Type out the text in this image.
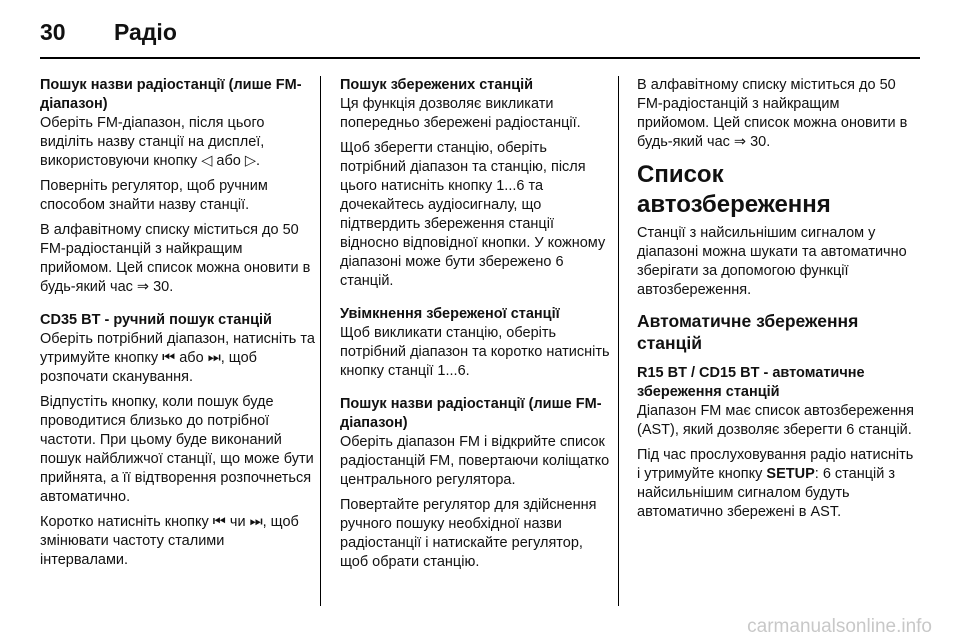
30	Радіо
Пошук назви радіостанції (лише FM-діапазон)

Оберіть FM-діапазон, після цього виділіть назву станції на дисплеї, використовуючи кнопку ◁ або ▷.

Поверніть регулятор, щоб ручним способом знайти назву станції.

В алфавітному списку міститься до 50 FM-радіостанцій з найкращим прийомом. Цей список можна оновити в будь-який час ⇒ 30.

CD35 BT - ручний пошук станцій

Оберіть потрібний діапазон, натисніть та утримуйте кнопку ⏮ або ⏭, щоб розпочати сканування.

Відпустіть кнопку, коли пошук буде проводитися близько до потрібної частоти. При цьому буде виконаний пошук найближчої станції, що може бути прийнята, а її відтворення розпочнеться автоматично.

Коротко натисніть кнопку ⏮ чи ⏭, щоб змінювати частоту сталими інтервалами.

Пошук збережених станцій

Ця функція дозволяє викликати попередньо збережені радіостанції.

Щоб зберегти станцію, оберіть потрібний діапазон та станцію, після цього натисніть кнопку 1...6 та дочекайтесь аудіосигналу, що підтвердить збереження станції відносно відповідної кнопки. У кожному діапазоні може бути збережено 6 станцій.

Увімкнення збереженої станції

Щоб викликати станцію, оберіть потрібний діапазон та коротко натисніть кнопку станції 1...6.

Пошук назви радіостанції (лише FM-діапазон)

Оберіть діапазон FM і відкрийте список радіостанцій FM, повертаючи коліщатко центрального регулятора.

Повертайте регулятор для здійснення ручного пошуку необхідної назви радіостанції і натискайте регулятор, щоб обрати станцію.

В алфавітному списку міститься до 50 FM-радіостанцій з найкращим прийомом. Цей список можна оновити в будь-який час ⇒ 30.

Список автозбереження

Станції з найсильнішим сигналом у діапазоні можна шукати та автоматично зберігати за допомогою функції автозбереження.

Автоматичне збереження станцій
R15 BT / CD15 BT - автоматичне збереження станцій

Діапазон FM має список автозбереження (AST), який дозволяє зберегти 6 станцій.

Під час прослуховування радіо натисніть і утримуйте кнопку SETUP: 6 станцій з найсильнішим сигналом будуть автоматично збережені в AST.

carmanualsonline.info
